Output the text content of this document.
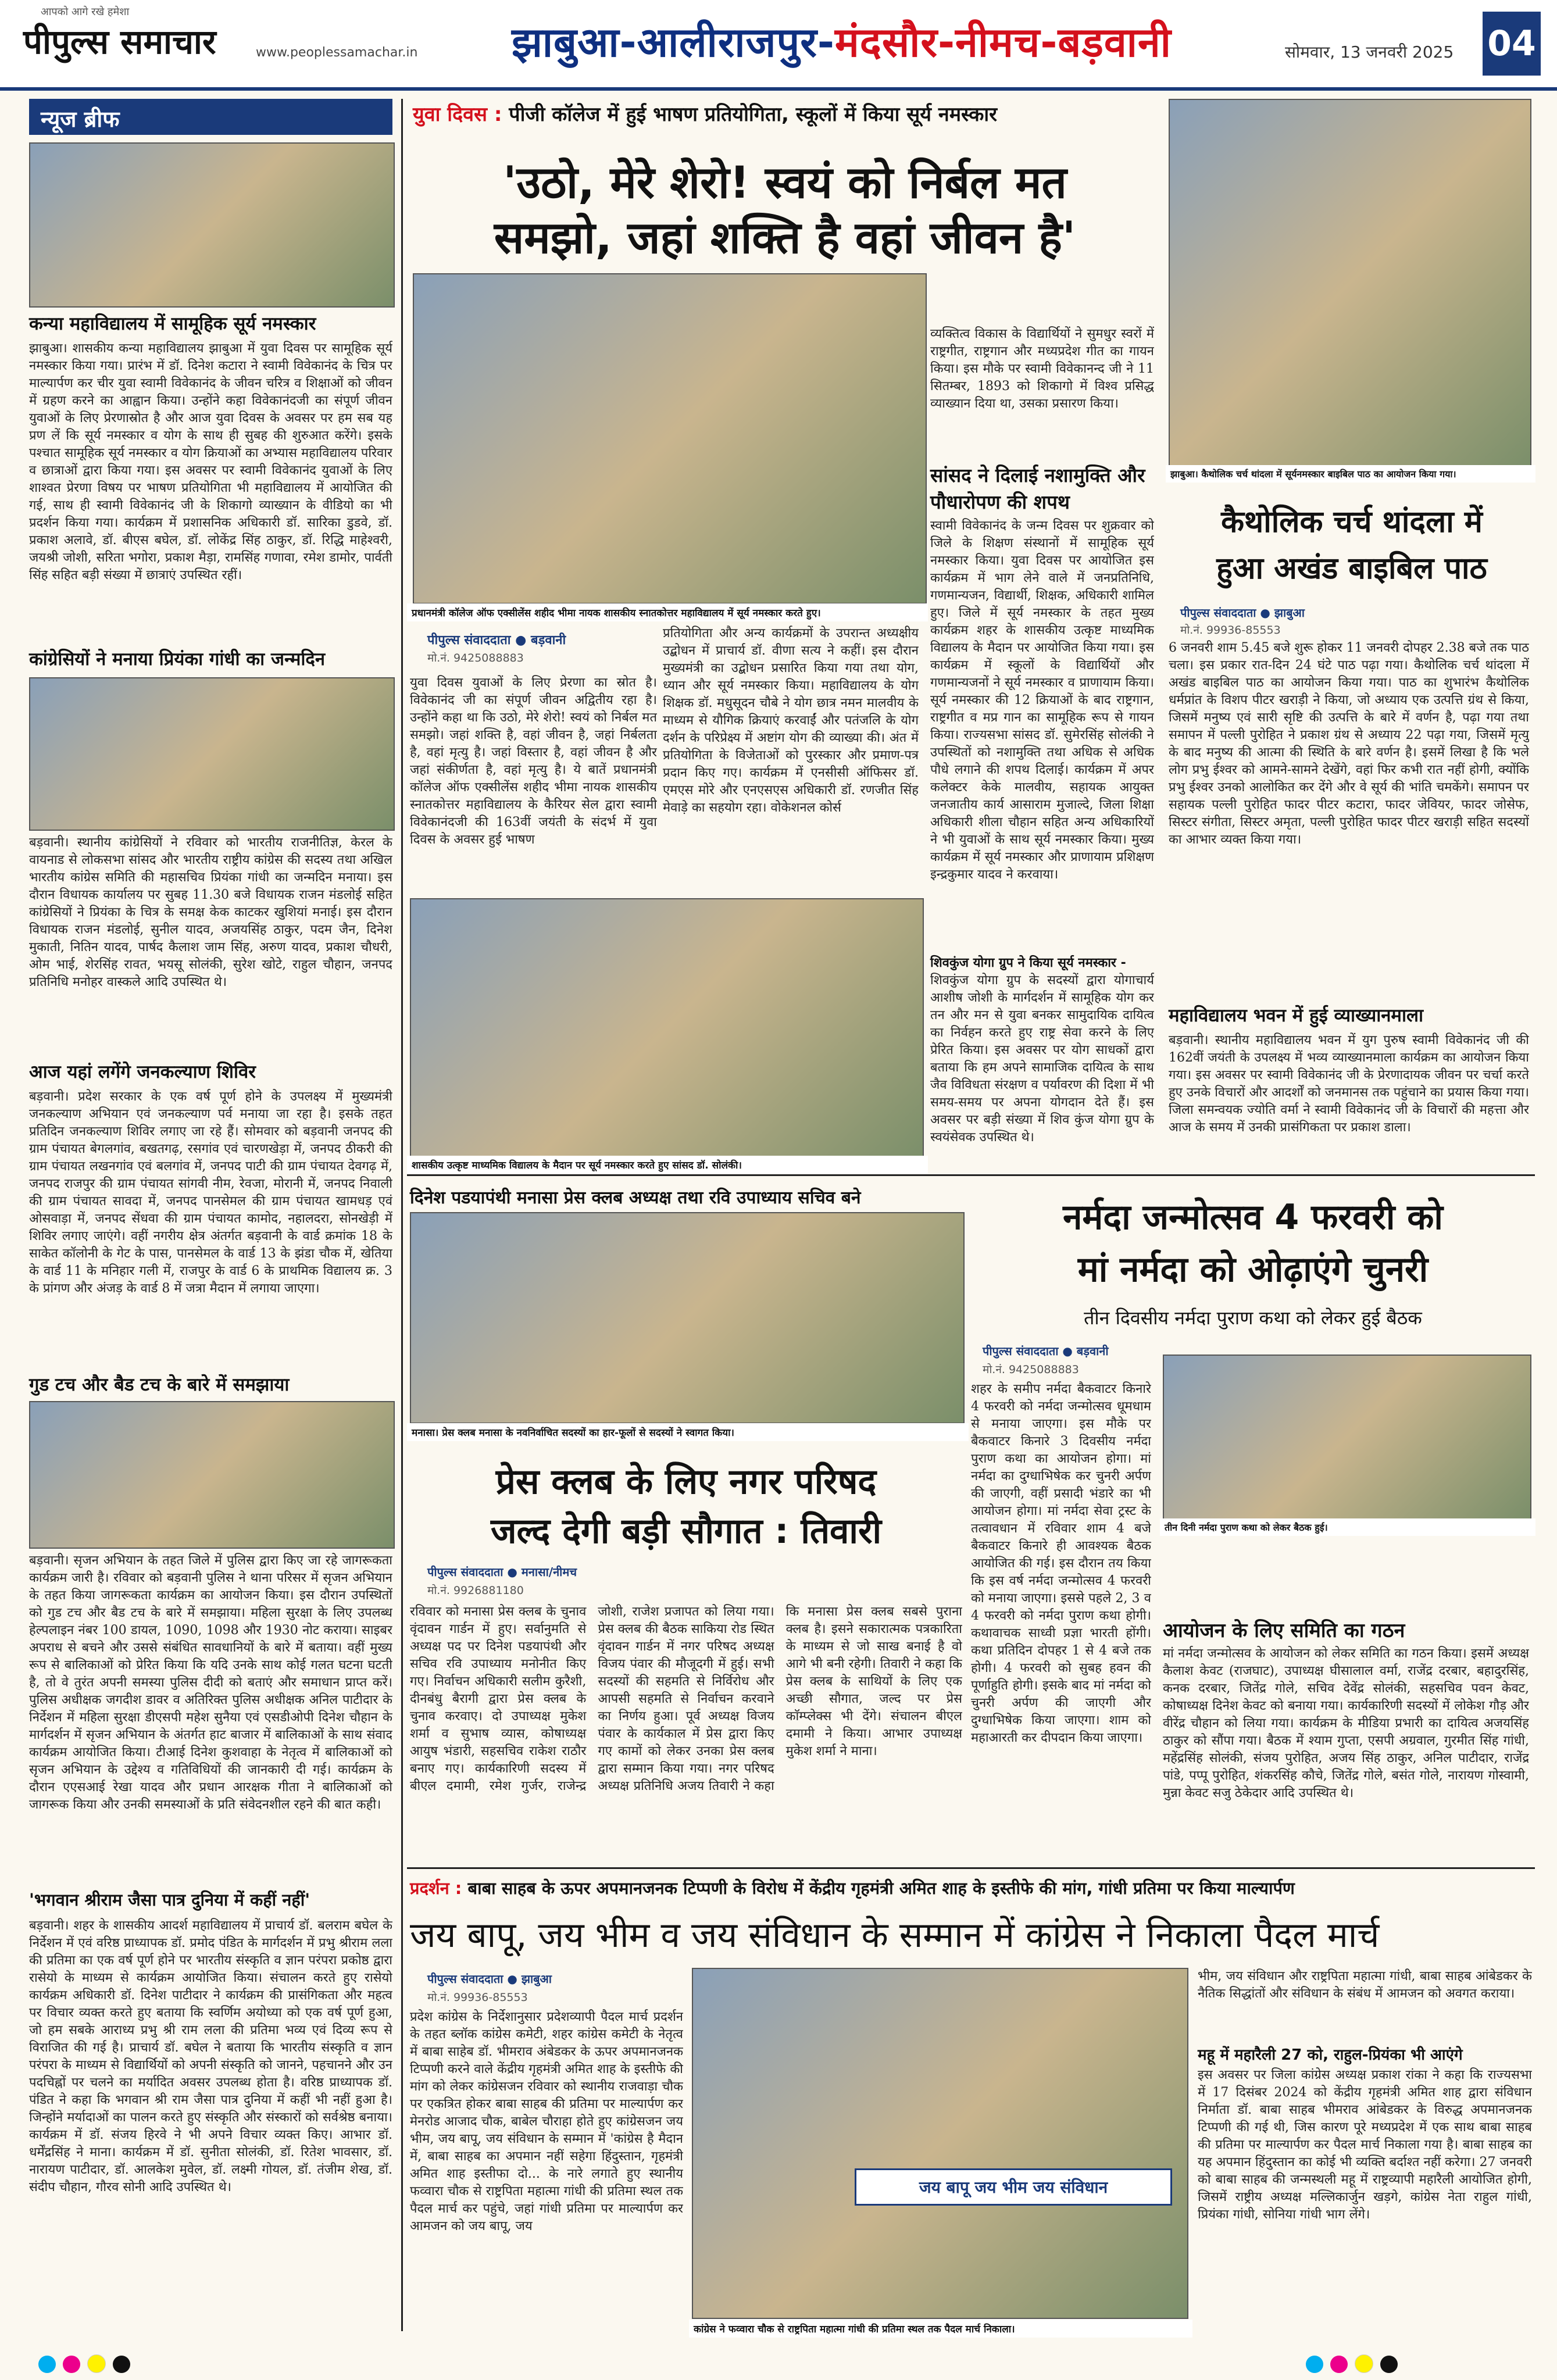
आपको आगे रखे हमेशा
पीपुल्स समाचार	www.peoplessamachar.in झाबुआ-आलीराजपुर-मंदसौर-नीमच-बड़वानी	सोमवार, 13 जनवरी 2025 04
न्यूज ब्रीफ
कन्या महाविद्यालय में सामूहिक सूर्य नमस्कार
झाबुआ। शासकीय कन्या महाविद्यालय झाबुआ में युवा दिवस पर सामूहिक सूर्य नमस्कार किया गया। प्रारंभ में डॉ. दिनेश कटारा ने स्वामी विवेकानंद के चित्र पर माल्यार्पण कर चीर युवा स्वामी विवेकानंद के जीवन चरित्र व शिक्षाओं को जीवन में ग्रहण करने का आह्वान किया। उन्होंने कहा विवेकानंदजी का संपूर्ण जीवन युवाओं के लिए प्रेरणास्रोत है और आज युवा दिवस के अवसर पर हम सब यह प्रण लें कि सूर्य नमस्कार व योग के साथ ही सुबह की शुरुआत करेंगे। इसके पश्चात सामूहिक सूर्य नमस्कार व योग क्रियाओं का अभ्यास महाविद्यालय परिवार व छात्राओं द्वारा किया गया। इस अवसर पर स्वामी विवेकानंद युवाओं के लिए शाश्वत प्रेरणा विषय पर भाषण प्रतियोगिता भी महाविद्यालय में आयोजित की गई, साथ ही स्वामी विवेकानंद जी के शिकागो व्याख्यान के वीडियो का भी प्रदर्शन किया गया। कार्यक्रम में प्रशासनिक अधिकारी डॉ. सारिका डुडवे, डॉ. प्रकाश अलावे, डॉ. बीएस बघेल, डॉ. लोकेंद्र सिंह ठाकुर, डॉ. रिद्धि माहेश्वरी, जयश्री जोशी, सरिता भगोरा, प्रकाश मैड़ा, रामसिंह गणावा, रमेश डामोर, पार्वती सिंह सहित बड़ी संख्या में छात्राएं उपस्थित रहीं।
कांग्रेसियों ने मनाया प्रियंका गांधी का जन्मदिन
बड़वानी। स्थानीय कांग्रेसियों ने रविवार को भारतीय राजनीतिज्ञ, केरल के वायनाड से लोकसभा सांसद और भारतीय राष्ट्रीय कांग्रेस की सदस्य तथा अखिल भारतीय कांग्रेस समिति की महासचिव प्रियंका गांधी का जन्मदिन मनाया। इस दौरान विधायक कार्यालय पर सुबह 11.30 बजे विधायक राजन मंडलोई सहित कांग्रेसियों ने प्रियंका के चित्र के समक्ष केक काटकर खुशियां मनाई। इस दौरान विधायक राजन मंडलोई, सुनील यादव, अजयसिंह ठाकुर, पदम जैन, दिनेश मुकाती, नितिन यादव, पार्षद कैलाश जाम सिंह, अरुण यादव, प्रकाश चौधरी, ओम भाई, शेरसिंह रावत, भयसू सोलंकी, सुरेश खोटे, राहुल चौहान, जनपद प्रतिनिधि मनोहर वास्कले आदि उपस्थित थे।
आज यहां लगेंगे जनकल्याण शिविर
बड़वानी। प्रदेश सरकार के एक वर्ष पूर्ण होने के उपलक्ष्य में मुख्यमंत्री जनकल्याण अभियान एवं जनकल्याण पर्व मनाया जा रहा है। इसके तहत प्रतिदिन जनकल्याण शिविर लगाए जा रहे हैं। सोमवार को बड़वानी जनपद की ग्राम पंचायत बेगलगांव, बखतगढ़, रसगांव एवं चारणखेड़ा में, जनपद ठीकरी की ग्राम पंचायत लखनगांव एवं बलगांव में, जनपद पाटी की ग्राम पंचायत देवगढ़ में, जनपद राजपुर की ग्राम पंचायत सांगवी नीम, रेवजा, मोरानी में, जनपद निवाली की ग्राम पंचायत सावदा में, जनपद पानसेमल की ग्राम पंचायत खामधड़ एवं ओसवाड़ा में, जनपद सेंधवा की ग्राम पंचायत कामोद, नहालदरा, सोनखेड़ी में शिविर लगाए जाएंगे। वहीं नगरीय क्षेत्र अंतर्गत बड़वानी के वार्ड क्रमांक 18 के साकेत कॉलोनी के गेट के पास, पानसेमल के वार्ड 13 के झंडा चौक में, खेतिया के वार्ड 11 के मनिहार गली में, राजपुर के वार्ड 6 के प्राथमिक विद्यालय क्र. 3 के प्रांगण और अंजड़ के वार्ड 8 में जत्रा मैदान में लगाया जाएगा।
गुड टच और बैड टच के बारे में समझाया
बड़वानी। सृजन अभियान के तहत जिले में पुलिस द्वारा किए जा रहे जागरूकता कार्यक्रम जारी है। रविवार को बड़वानी पुलिस ने थाना परिसर में सृजन अभियान के तहत किया जागरूकता कार्यक्रम का आयोजन किया। इस दौरान उपस्थितों को गुड टच और बैड टच के बारे में समझाया। महिला सुरक्षा के लिए उपलब्ध हेल्पलाइन नंबर 100 डायल, 1090, 1098 और 1930 नोट कराया। साइबर अपराध से बचने और उससे संबंधित सावधानियों के बारे में बताया। वहीं मुख्य रूप से बालिकाओं को प्रेरित किया कि यदि उनके साथ कोई गलत घटना घटती है, तो वे तुरंत अपनी समस्या पुलिस दीदी को बताएं और समाधान प्राप्त करें। पुलिस अधीक्षक जगदीश डावर व अतिरिक्त पुलिस अधीक्षक अनिल पाटीदार के निर्देशन में महिला सुरक्षा डीएसपी महेश सुनैया एवं एसडीओपी दिनेश चौहान के मार्गदर्शन में सृजन अभियान के अंतर्गत हाट बाजार में बालिकाओं के साथ संवाद कार्यक्रम आयोजित किया। टीआई दिनेश कुशवाहा के नेतृत्व में बालिकाओं को सृजन अभियान के उद्देश्य व गतिविधियों की जानकारी दी गई। कार्यक्रम के दौरान एएसआई रेखा यादव और प्रधान आरक्षक गीता ने बालिकाओं को जागरूक किया और उनकी समस्याओं के प्रति संवेदनशील रहने की बात कही।
'भगवान श्रीराम जैसा पात्र दुनिया में कहीं नहीं'
बड़वानी। शहर के शासकीय आदर्श महाविद्यालय में प्राचार्य डॉ. बलराम बघेल के निर्देशन में एवं वरिष्ठ प्राध्यापक डॉ. प्रमोद पंडित के मार्गदर्शन में प्रभु श्रीराम लला की प्रतिमा का एक वर्ष पूर्ण होने पर भारतीय संस्कृति व ज्ञान परंपरा प्रकोष्ठ द्वारा रासेयो के माध्यम से कार्यक्रम आयोजित किया। संचालन करते हुए रासेयो कार्यक्रम अधिकारी डॉ. दिनेश पाटीदार ने कार्यक्रम की प्रासंगिकता और महत्व पर विचार व्यक्त करते हुए बताया कि स्वर्णिम अयोध्या को एक वर्ष पूर्ण हुआ, जो हम सबके आराध्य प्रभु श्री राम लला की प्रतिमा भव्य एवं दिव्य रूप से विराजित की गई है। प्राचार्य डॉ. बघेल ने बताया कि भारतीय संस्कृति व ज्ञान परंपरा के माध्यम से विद्यार्थियों को अपनी संस्कृति को जानने, पहचानने और उन पदचिह्नों पर चलने का मर्यादित अवसर उपलब्ध होता है। वरिष्ठ प्राध्यापक डॉ. पंडित ने कहा कि भगवान श्री राम जैसा पात्र दुनिया में कहीं भी नहीं हुआ है। जिन्होंने मर्यादाओं का पालन करते हुए संस्कृति और संस्कारों को सर्वश्रेष्ठ बनाया। कार्यक्रम में डॉ. संजय हिरवे ने भी अपने विचार व्यक्त किए। आभार डॉ. धर्मेंद्रसिंह ने माना। कार्यक्रम में डॉ. सुनीता सोलंकी, डॉ. रितेश भावसार, डॉ. नारायण पाटीदार, डॉ. आलकेश मुवेल, डॉ. लक्ष्मी गोयल, डॉ. तंजीम शेख, डॉ. संदीप चौहान, गौरव सोनी आदि उपस्थित थे।
युवा दिवस : पीजी कॉलेज में हुई भाषण प्रतियोगिता, स्कूलों में किया सूर्य नमस्कार
'उठो, मेरे शेरो! स्वयं को निर्बल मत
समझो, जहां शक्ति है वहां जीवन है'
प्रधानमंत्री कॉलेज ऑफ एक्सीलेंस शहीद भीमा नायक शासकीय स्नातकोत्तर महाविद्यालय में सूर्य नमस्कार करते हुए।
पीपुल्स संवाददाता ● बड़वानी
मो.नं. 9425088883
युवा दिवस युवाओं के लिए प्रेरणा का स्रोत है। विवेकानंद जी का संपूर्ण जीवन अद्वितीय रहा है। उन्होंने कहा था कि उठो, मेरे शेरो! स्वयं को निर्बल मत समझो। जहां शक्ति है, वहां जीवन है, जहां निर्बलता है, वहां मृत्यु है। जहां विस्तार है, वहां जीवन है और जहां संकीर्णता है, वहां मृत्यु है। ये बातें प्रधानमंत्री कॉलेज ऑफ एक्सीलेंस शहीद भीमा नायक शासकीय स्नातकोत्तर महाविद्यालय के कैरियर सेल द्वारा स्वामी विवेकानंदजी की 163वीं जयंती के संदर्भ में युवा दिवस के अवसर हुई भाषण
प्रतियोगिता और अन्य कार्यक्रमों के उपरान्त अध्यक्षीय उद्बोधन में प्राचार्य डॉ. वीणा सत्य ने कहीं। इस दौरान मुख्यमंत्री का उद्बोधन प्रसारित किया गया तथा योग, ध्यान और सूर्य नमस्कार किया। महाविद्यालय के योग शिक्षक डॉ. मधुसूदन चौबे ने योग छात्र नमन मालवीय के माध्यम से यौगिक क्रियाएं करवाईं और पतंजलि के योग दर्शन के परिप्रेक्ष्य में अष्टांग योग की व्याख्या की। अंत में प्रतियोगिता के विजेताओं को पुरस्कार और प्रमाण-पत्र प्रदान किए गए। कार्यक्रम में एनसीसी ऑफिसर डॉ. एमएस मोरे और एनएसएस अधिकारी डॉ. रणजीत सिंह मेवाड़े का सहयोग रहा। वोकेशनल कोर्स
शासकीय उत्कृष्ट माध्यमिक विद्यालय के मैदान पर सूर्य नमस्कार करते हुए सांसद डॉ. सोलंकी।
व्यक्तित्व विकास के विद्यार्थियों ने सुमधुर स्वरों में राष्ट्रगीत, राष्ट्रगान और मध्यप्रदेश गीत का गायन किया। इस मौके पर स्वामी विवेकानन्द जी ने 11 सितम्बर, 1893 को शिकागो में विश्व प्रसिद्ध व्याख्यान दिया था, उसका प्रसारण किया।
सांसद ने दिलाई नशामुक्ति और पौधारोपण की शपथ
स्वामी विवेकानंद के जन्म दिवस पर शुक्रवार को जिले के शिक्षण संस्थानों में सामूहिक सूर्य नमस्कार किया। युवा दिवस पर आयोजित इस कार्यक्रम में भाग लेने वाले में जनप्रतिनिधि, गणमान्यजन, विद्यार्थी, शिक्षक, अधिकारी शामिल हुए। जिले में सूर्य नमस्कार के तहत मुख्य कार्यक्रम शहर के शासकीय उत्कृष्ट माध्यमिक विद्यालय के मैदान पर आयोजित किया गया। इस कार्यक्रम में स्कूलों के विद्यार्थियों और गणमान्यजनों ने सूर्य नमस्कार व प्राणायाम किया। सूर्य नमस्कार की 12 क्रियाओं के बाद राष्ट्रगान, राष्ट्रगीत व मप्र गान का सामूहिक रूप से गायन किया। राज्यसभा सांसद डॉ. सुमेरसिंह सोलंकी ने उपस्थितों को नशामुक्ति तथा अधिक से अधिक पौधे लगाने की शपथ दिलाई। कार्यक्रम में अपर कलेक्टर केके मालवीय, सहायक आयुक्त जनजातीय कार्य आसाराम मुजाल्दे, जिला शिक्षा अधिकारी शीला चौहान सहित अन्य अधिकारियों ने भी युवाओं के साथ सूर्य नमस्कार किया। मुख्य कार्यक्रम में सूर्य नमस्कार और प्राणायाम प्रशिक्षण इन्द्रकुमार यादव ने करवाया।
शिवकुंज योगा ग्रुप ने किया सूर्य नमस्कार -
शिवकुंज योगा ग्रुप के सदस्यों द्वारा योगाचार्य आशीष जोशी के मार्गदर्शन में सामूहिक योग कर तन और मन से युवा बनकर सामुदायिक दायित्व का निर्वहन करते हुए राष्ट्र सेवा करने के लिए प्रेरित किया। इस अवसर पर योग साधकों द्वारा बताया कि हम अपने सामाजिक दायित्व के साथ जैव विविधता संरक्षण व पर्यावरण की दिशा में भी समय-समय पर अपना योगदान देते हैं। इस अवसर पर बड़ी संख्या में शिव कुंज योगा ग्रुप के स्वयंसेवक उपस्थित थे।
झाबुआ। कैथोलिक चर्च थांदला में सूर्यनमस्कार बाइबिल पाठ का आयोजन किया गया।
कैथोलिक चर्च थांदला में
हुआ अखंड बाइबिल पाठ
पीपुल्स संवाददाता ● झाबुआ
मो.नं. 99936-85553
6 जनवरी शाम 5.45 बजे शुरू होकर 11 जनवरी दोपहर 2.38 बजे तक पाठ चला। इस प्रकार रात-दिन 24 घंटे पाठ पढ़ा गया। कैथोलिक चर्च थांदला में अखंड बाइबिल पाठ का आयोजन किया गया। पाठ का शुभारंभ कैथोलिक धर्मप्रांत के विशप पीटर खराड़ी ने किया, जो अध्याय एक उत्पत्ति ग्रंथ से किया, जिसमें मनुष्य एवं सारी सृष्टि की उत्पत्ति के बारे में वर्णन है, पढ़ा गया तथा समापन में पल्ली पुरोहित ने प्रकाश ग्रंथ से अध्याय 22 पढ़ा गया, जिसमें मृत्यु के बाद मनुष्य की आत्मा की स्थिति के बारे वर्णन है। इसमें लिखा है कि भले लोग प्रभु ईश्वर को आमने-सामने देखेंगे, वहां फिर कभी रात नहीं होगी, क्योंकि प्रभु ईश्वर उनको आलोकित कर देंगे और वे सूर्य की भांति चमकेंगे। समापन पर सहायक पल्ली पुरोहित फादर पीटर कटारा, फादर जेवियर, फादर जोसेफ, सिस्टर संगीता, सिस्टर अमृता, पल्ली पुरोहित फादर पीटर खराड़ी सहित सदस्यों का आभार व्यक्त किया गया।
महाविद्यालय भवन में हुई व्याख्यानमाला
बड़वानी। स्थानीय महाविद्यालय भवन में युग पुरुष स्वामी विवेकानंद जी की 162वीं जयंती के उपलक्ष्य में भव्य व्याख्यानमाला कार्यक्रम का आयोजन किया गया। इस अवसर पर स्वामी विवेकानंद जी के प्रेरणादायक जीवन पर चर्चा करते हुए उनके विचारों और आदर्शों को जनमानस तक पहुंचाने का प्रयास किया गया। जिला समन्वयक ज्योति वर्मा ने स्वामी विवेकानंद जी के विचारों की महत्ता और आज के समय में उनकी प्रासंगिकता पर प्रकाश डाला।
दिनेश पडयापंथी मनासा प्रेस क्लब अध्यक्ष तथा रवि उपाध्याय सचिव बने
मनासा। प्रेस क्लब मनासा के नवनिर्वाचित सदस्यों का हार-फूलों से सदस्यों ने स्वागत किया।
प्रेस क्लब के लिए नगर परिषद
जल्द देगी बड़ी सौगात : तिवारी
पीपुल्स संवाददाता ● मनासा/नीमच
मो.नं. 9926881180
रविवार को मनासा प्रेस क्लब के चुनाव वृंदावन गार्डन में हुए। सर्वानुमति से अध्यक्ष पद पर दिनेश पडयापंथी और सचिव रवि उपाध्याय मनोनीत किए गए। निर्वाचन अधिकारी सलीम कुरैशी, दीनबंधु बैरागी द्वारा प्रेस क्लब के चुनाव करवाए। दो उपाध्यक्ष मुकेश शर्मा व सुभाष व्यास, कोषाध्यक्ष आयुष भंडारी, सहसचिव राकेश राठौर बनाए गए। कार्यकारिणी सदस्य में बीएल दमामी, रमेश गुर्जर, राजेन्द्र जोशी, राजेश प्रजापत को लिया गया। प्रेस क्लब की बैठक साकिया रोड स्थित वृंदावन गार्डन में नगर परिषद अध्यक्ष विजय पंवार की मौजूदगी में हुई। सभी सदस्यों की सहमति से निर्विरोध और आपसी सहमति से निर्वाचन करवाने का निर्णय हुआ। पूर्व अध्यक्ष विजय पंवार के कार्यकाल में प्रेस द्वारा किए गए कामों को लेकर उनका प्रेस क्लब द्वारा सम्मान किया गया। नगर परिषद अध्यक्ष प्रतिनिधि अजय तिवारी ने कहा कि मनासा प्रेस क्लब सबसे पुराना क्लब है। इसने सकारात्मक पत्रकारिता के माध्यम से जो साख बनाई है वो आगे भी बनी रहेगी। तिवारी ने कहा कि प्रेस क्लब के साथियों के लिए एक अच्छी सौगात, जल्द पर प्रेस काॅम्प्लेक्स भी देंगे। संचालन बीएल दमामी ने किया। आभार उपाध्यक्ष मुकेश शर्मा ने माना।
नर्मदा जन्मोत्सव 4 फरवरी को
मां नर्मदा को ओढ़ाएंगे चुनरी
तीन दिवसीय नर्मदा पुराण कथा को लेकर हुई बैठक
पीपुल्स संवाददाता ● बड़वानी
मो.नं. 9425088883
शहर के समीप नर्मदा बैकवाटर किनारे 4 फरवरी को नर्मदा जन्मोत्सव धूमधाम से मनाया जाएगा। इस मौके पर बैकवाटर किनारे 3 दिवसीय नर्मदा पुराण कथा का आयोजन होगा। मां नर्मदा का दुग्धाभिषेक कर चुनरी अर्पण की जाएगी, वहीं प्रसादी भंडारे का भी आयोजन होगा। मां नर्मदा सेवा ट्रस्ट के तत्वावधान में रविवार शाम 4 बजे बैकवाटर किनारे ही आवश्यक बैठक आयोजित की गई। इस दौरान तय किया कि इस वर्ष नर्मदा जन्मोत्सव 4 फरवरी को मनाया जाएगा। इससे पहले 2, 3 व 4 फरवरी को नर्मदा पुराण कथा होगी। कथावाचक साध्वी प्रज्ञा भारती होंगी। कथा प्रतिदिन दोपहर 1 से 4 बजे तक होगी। 4 फरवरी को सुबह हवन की पूर्णाहुति होगी। इसके बाद मां नर्मदा को चुनरी अर्पण की जाएगी और दुग्धाभिषेक किया जाएगा। शाम को महाआरती कर दीपदान किया जाएगा।
तीन दिनी नर्मदा पुराण कथा को लेकर बैठक हुई।
आयोजन के लिए समिति का गठन
मां नर्मदा जन्मोत्सव के आयोजन को लेकर समिति का गठन किया। इसमें अध्यक्ष कैलाश केवट (राजघाट), उपाध्यक्ष घीसालाल वर्मा, राजेंद्र दरबार, बहादुरसिंह, कनक दरबार, जितेंद्र गोले, सचिव देवेंद्र सोलंकी, सहसचिव पवन केवट, कोषाध्यक्ष दिनेश केवट को बनाया गया। कार्यकारिणी सदस्यों में लोकेश गौड़ और वीरेंद्र चौहान को लिया गया। कार्यक्रम के मीडिया प्रभारी का दायित्व अजयसिंह ठाकुर को सौंपा गया। बैठक में श्याम गुप्ता, एसपी अग्रवाल, गुरमीत सिंह गांधी, महेंद्रसिंह सोलंकी, संजय पुरोहित, अजय सिंह ठाकुर, अनिल पाटीदार, राजेंद्र पांडे, पप्पू पुरोहित, शंकरसिंह कौचे, जितेंद्र गोले, बसंत गोले, नारायण गोस्वामी, मुन्ना केवट सजु ठेकेदार आदि उपस्थित थे।
प्रदर्शन : बाबा साहब के ऊपर अपमानजनक टिप्पणी के विरोध में केंद्रीय गृहमंत्री अमित शाह के इस्तीफे की मांग, गांधी प्रतिमा पर किया माल्यार्पण
जय बापू, जय भीम व जय संविधान के सम्मान में कांग्रेस ने निकाला पैदल मार्च
पीपुल्स संवाददाता ● झाबुआ
मो.नं. 99936-85553
प्रदेश कांग्रेस के निर्देशानुसार प्रदेशव्यापी पैदल मार्च प्रदर्शन के तहत ब्लॉक कांग्रेस कमेटी, शहर कांग्रेस कमेटी के नेतृत्व में बाबा साहेब डॉ. भीमराव अंबेडकर के ऊपर अपमानजनक टिप्पणी करने वाले केंद्रीय गृहमंत्री अमित शाह के इस्तीफे की मांग को लेकर कांग्रेसजन रविवार को स्थानीय राजवाड़ा चौक पर एकत्रित होकर बाबा साहब की प्रतिमा पर माल्यार्पण कर मेनरोड आजाद चौक, बाबेल चौराहा होते हुए कांग्रेसजन जय भीम, जय बापू, जय संविधान के सम्मान में 'कांग्रेस है मैदान में, बाबा साहब का अपमान नहीं सहेगा हिंदुस्तान, गृहमंत्री अमित शाह इस्तीफा दो... के नारे लगाते हुए स्थानीय फव्वारा चौक से राष्ट्रपिता महात्मा गांधी की प्रतिमा स्थल तक पैदल मार्च कर पहुंचे, जहां गांधी प्रतिमा पर माल्यार्पण कर आमजन को जय बापू, जय
जय बापू जय भीम जय संविधान
कांग्रेस ने फव्वारा चौक से राष्ट्रपिता महात्मा गांधी की प्रतिमा स्थल तक पैदल मार्च निकाला।
भीम, जय संविधान और राष्ट्रपिता महात्मा गांधी, बाबा साहब आंबेडकर के नैतिक सिद्धांतों और संविधान के संबंध में आमजन को अवगत कराया।
महू में महारैली 27 को, राहुल-प्रियंका भी आएंगे
इस अवसर पर जिला कांग्रेस अध्यक्ष प्रकाश रांका ने कहा कि राज्यसभा में 17 दिसंबर 2024 को केंद्रीय गृहमंत्री अमित शाह द्वारा संविधान निर्माता डॉ. बाबा साहब भीमराव आंबेडकर के विरुद्ध अपमानजनक टिप्पणी की गई थी, जिस कारण पूरे मध्यप्रदेश में एक साथ बाबा साहब की प्रतिमा पर माल्यार्पण कर पैदल मार्च निकाला गया है। बाबा साहब का यह अपमान हिंदुस्तान का कोई भी व्यक्ति बर्दाश्त नहीं करेगा। 27 जनवरी को बाबा साहब की जन्मस्थली महू में राष्ट्रव्यापी महारैली आयोजित होगी, जिसमें राष्ट्रीय अध्यक्ष मल्लिकार्जुन खड़गे, कांग्रेस नेता राहुल गांधी, प्रियंका गांधी, सोनिया गांधी भाग लेंगे।
